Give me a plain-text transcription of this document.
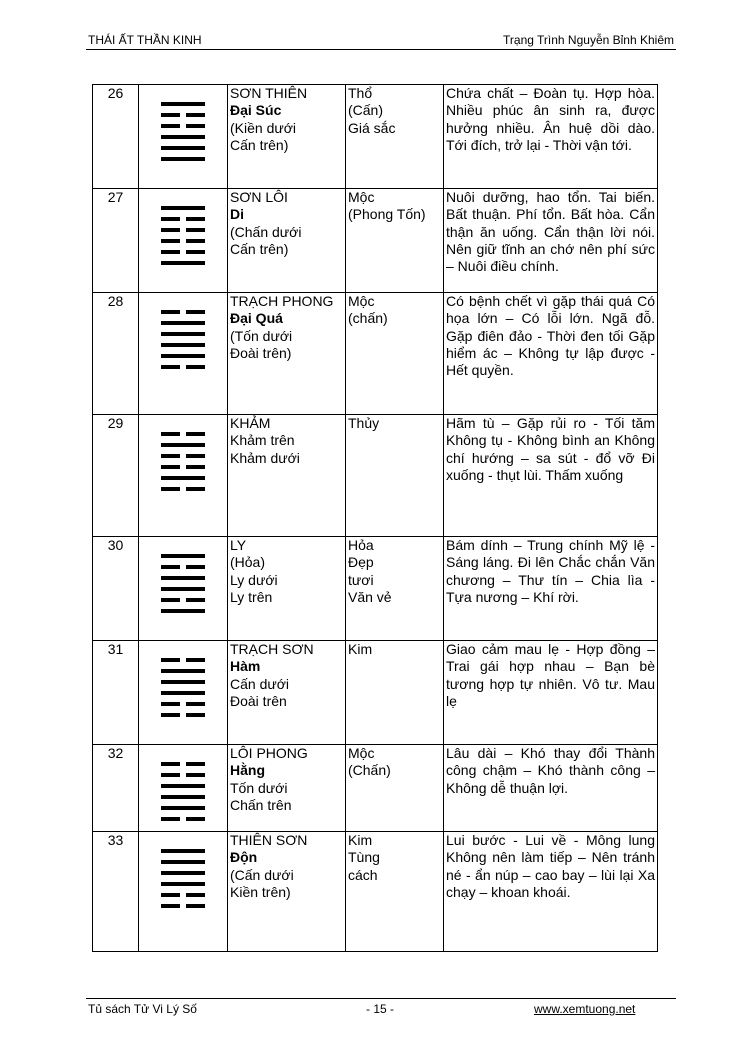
THÁI ẤT THẦN KINH	Trạng Trình Nguyễn Bỉnh Khiêm
26		SƠN THIÊN
Đại Súc
(Kiền dưới
Cấn trên)	Thổ
(Cấn)
Giá sắc	Chứa chất – Đoàn tụ. Hợp hòa. Nhiều phúc ân sinh ra, được hưởng nhiều. Ân huệ dồi dào. Tới đích, trở lại - Thời vận tới.
27		SƠN LÔI
Di
(Chấn dưới
Cấn trên)	Mộc
(Phong Tốn)	Nuôi dưỡng, hao tổn. Tai biến. Bất thuận. Phí tổn. Bất hòa. Cẩn thận ăn uống. Cẩn thận lời nói. Nên giữ tĩnh an chớ nên phí sức – Nuôi điều chính.
28		TRẠCH PHONG
Đại Quá
(Tốn dưới
Đoài trên)	Mộc
(chấn)	Có bệnh chết vì gặp thái quá Có họa lớn – Có lỗi lớn. Ngã đỗ. Gặp điên đảo - Thời đen tối Gặp hiểm ác – Không tự lập được - Hết quyền.
29		KHẢM
Khảm trên
Khảm dưới	Thủy	Hãm tù – Gặp rủi ro - Tối tăm Không tụ - Không bình an Không chí hướng – sa sút - đổ vỡ Đi xuống - thụt lùi. Thấm xuống
30		LY
(Hỏa)
Ly dưới
Ly trên	Hỏa
Đẹp
tươi
Văn vẻ	Bám dính – Trung chính Mỹ lệ - Sáng láng. Đi lên Chắc chắn Văn chương – Thư tín – Chia lìa - Tựa nương – Khí rời.
31		TRẠCH SƠN
Hàm
Cấn dưới
Đoài trên	Kim	Giao cảm mau lẹ - Hợp đồng – Trai gái hợp nhau – Bạn bè tương hợp tự nhiên. Vô tư. Mau lẹ
32		LÔI PHONG
Hằng
Tốn dưới
Chấn trên	Mộc
(Chấn)	Lâu dài – Khó thay đổi Thành công chậm – Khó thành công – Không dễ thuận lợi.
33		THIÊN SƠN
Độn
(Cấn dưới
Kiền trên)	Kim
Tùng
cách	Lui bước - Lui về - Mông lung Không nên làm tiếp – Nên tránh né - ẩn núp – cao bay – lùi lại Xa chạy – khoan khoái.
Tủ sách Tử Vi Lý Số	- 15 -	www.xemtuong.net
